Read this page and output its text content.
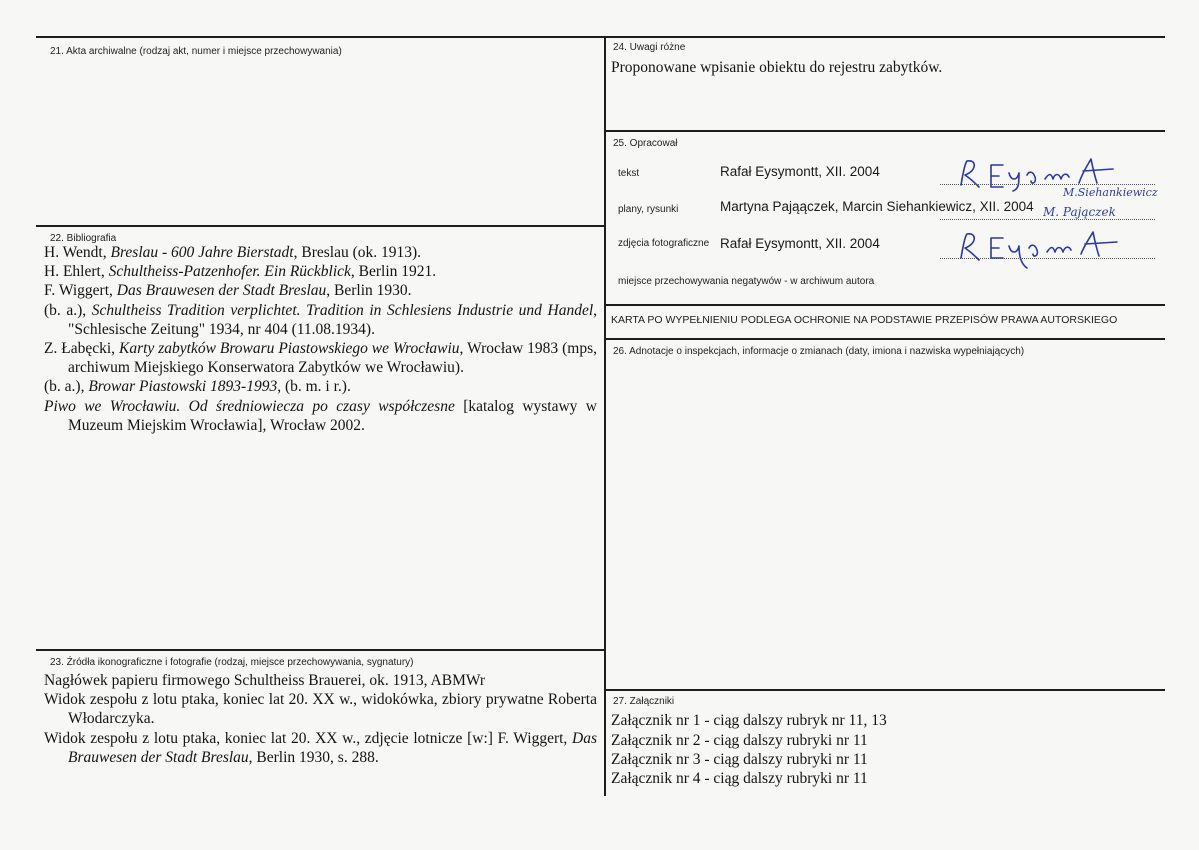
21. Akta archiwalne (rodzaj akt, numer i miejsce przechowywania)
22. Bibliografia

H. Wendt, Breslau - 600 Jahre Bierstadt, Breslau (ok. 1913).

H. Ehlert, Schultheiss-Patzenhofer. Ein Rückblick, Berlin 1921.

F. Wiggert, Das Brauwesen der Stadt Breslau, Berlin 1930.

(b. a.), Schultheiss Tradition verplichtet. Tradition in Schlesiens Industrie und Handel, "Schlesische Zeitung" 1934, nr 404 (11.08.1934).

Z. Łabęcki, Karty zabytków Browaru Piastowskiego we Wrocławiu, Wrocław 1983 (mps, archiwum Miejskiego Konserwatora Zabytków we Wrocławiu).

(b. a.), Browar Piastowski 1893-1993, (b. m. i r.).

Piwo we Wrocławiu. Od średniowiecza po czasy współczesne [katalog wystawy w Muzeum Miejskim Wrocławia], Wrocław 2002.

23. Źródła ikonograficzne i fotografie (rodzaj, miejsce przechowywania, sygnatury)

Nagłówek papieru firmowego Schultheiss Brauerei, ok. 1913, ABMWr

Widok zespołu z lotu ptaka, koniec lat 20. XX w., widokówka, zbiory prywatne Roberta Włodarczyka.

Widok zespołu z lotu ptaka, koniec lat 20. XX w., zdjęcie lotnicze [w:] F. Wiggert, Das Brauwesen der Stadt Breslau, Berlin 1930, s. 288.

24. Uwagi różne
Proponowane wpisanie obiektu do rejestru zabytków.
25. Opracował
tekst	Rafał Eysymontt, XII. 2004
plany, rysunki	Martyna Pająączek, Marcin Siehankiewicz, XII. 2004
zdjęcia fotograficzne Rafał Eysymontt, XII. 2004
M.Siehankiewicz
M. Pajączek
miejsce przechowywania negatywów - w archiwum autora
KARTA PO WYPEŁNIENIU PODLEGA OCHRONIE NA PODSTAWIE PRZEPISÓW PRAWA AUTORSKIEGO
26. Adnotacje o inspekcjach, informacje o zmianach (daty, imiona i nazwiska wypełniających)
27. Załączniki
Załącznik nr 1 - ciąg dalszy rubryk nr 11, 13
Załącznik nr 2 - ciąg dalszy rubryki nr 11
Załącznik nr 3 - ciąg dalszy rubryki nr 11
Załącznik nr 4 - ciąg dalszy rubryki nr 11
